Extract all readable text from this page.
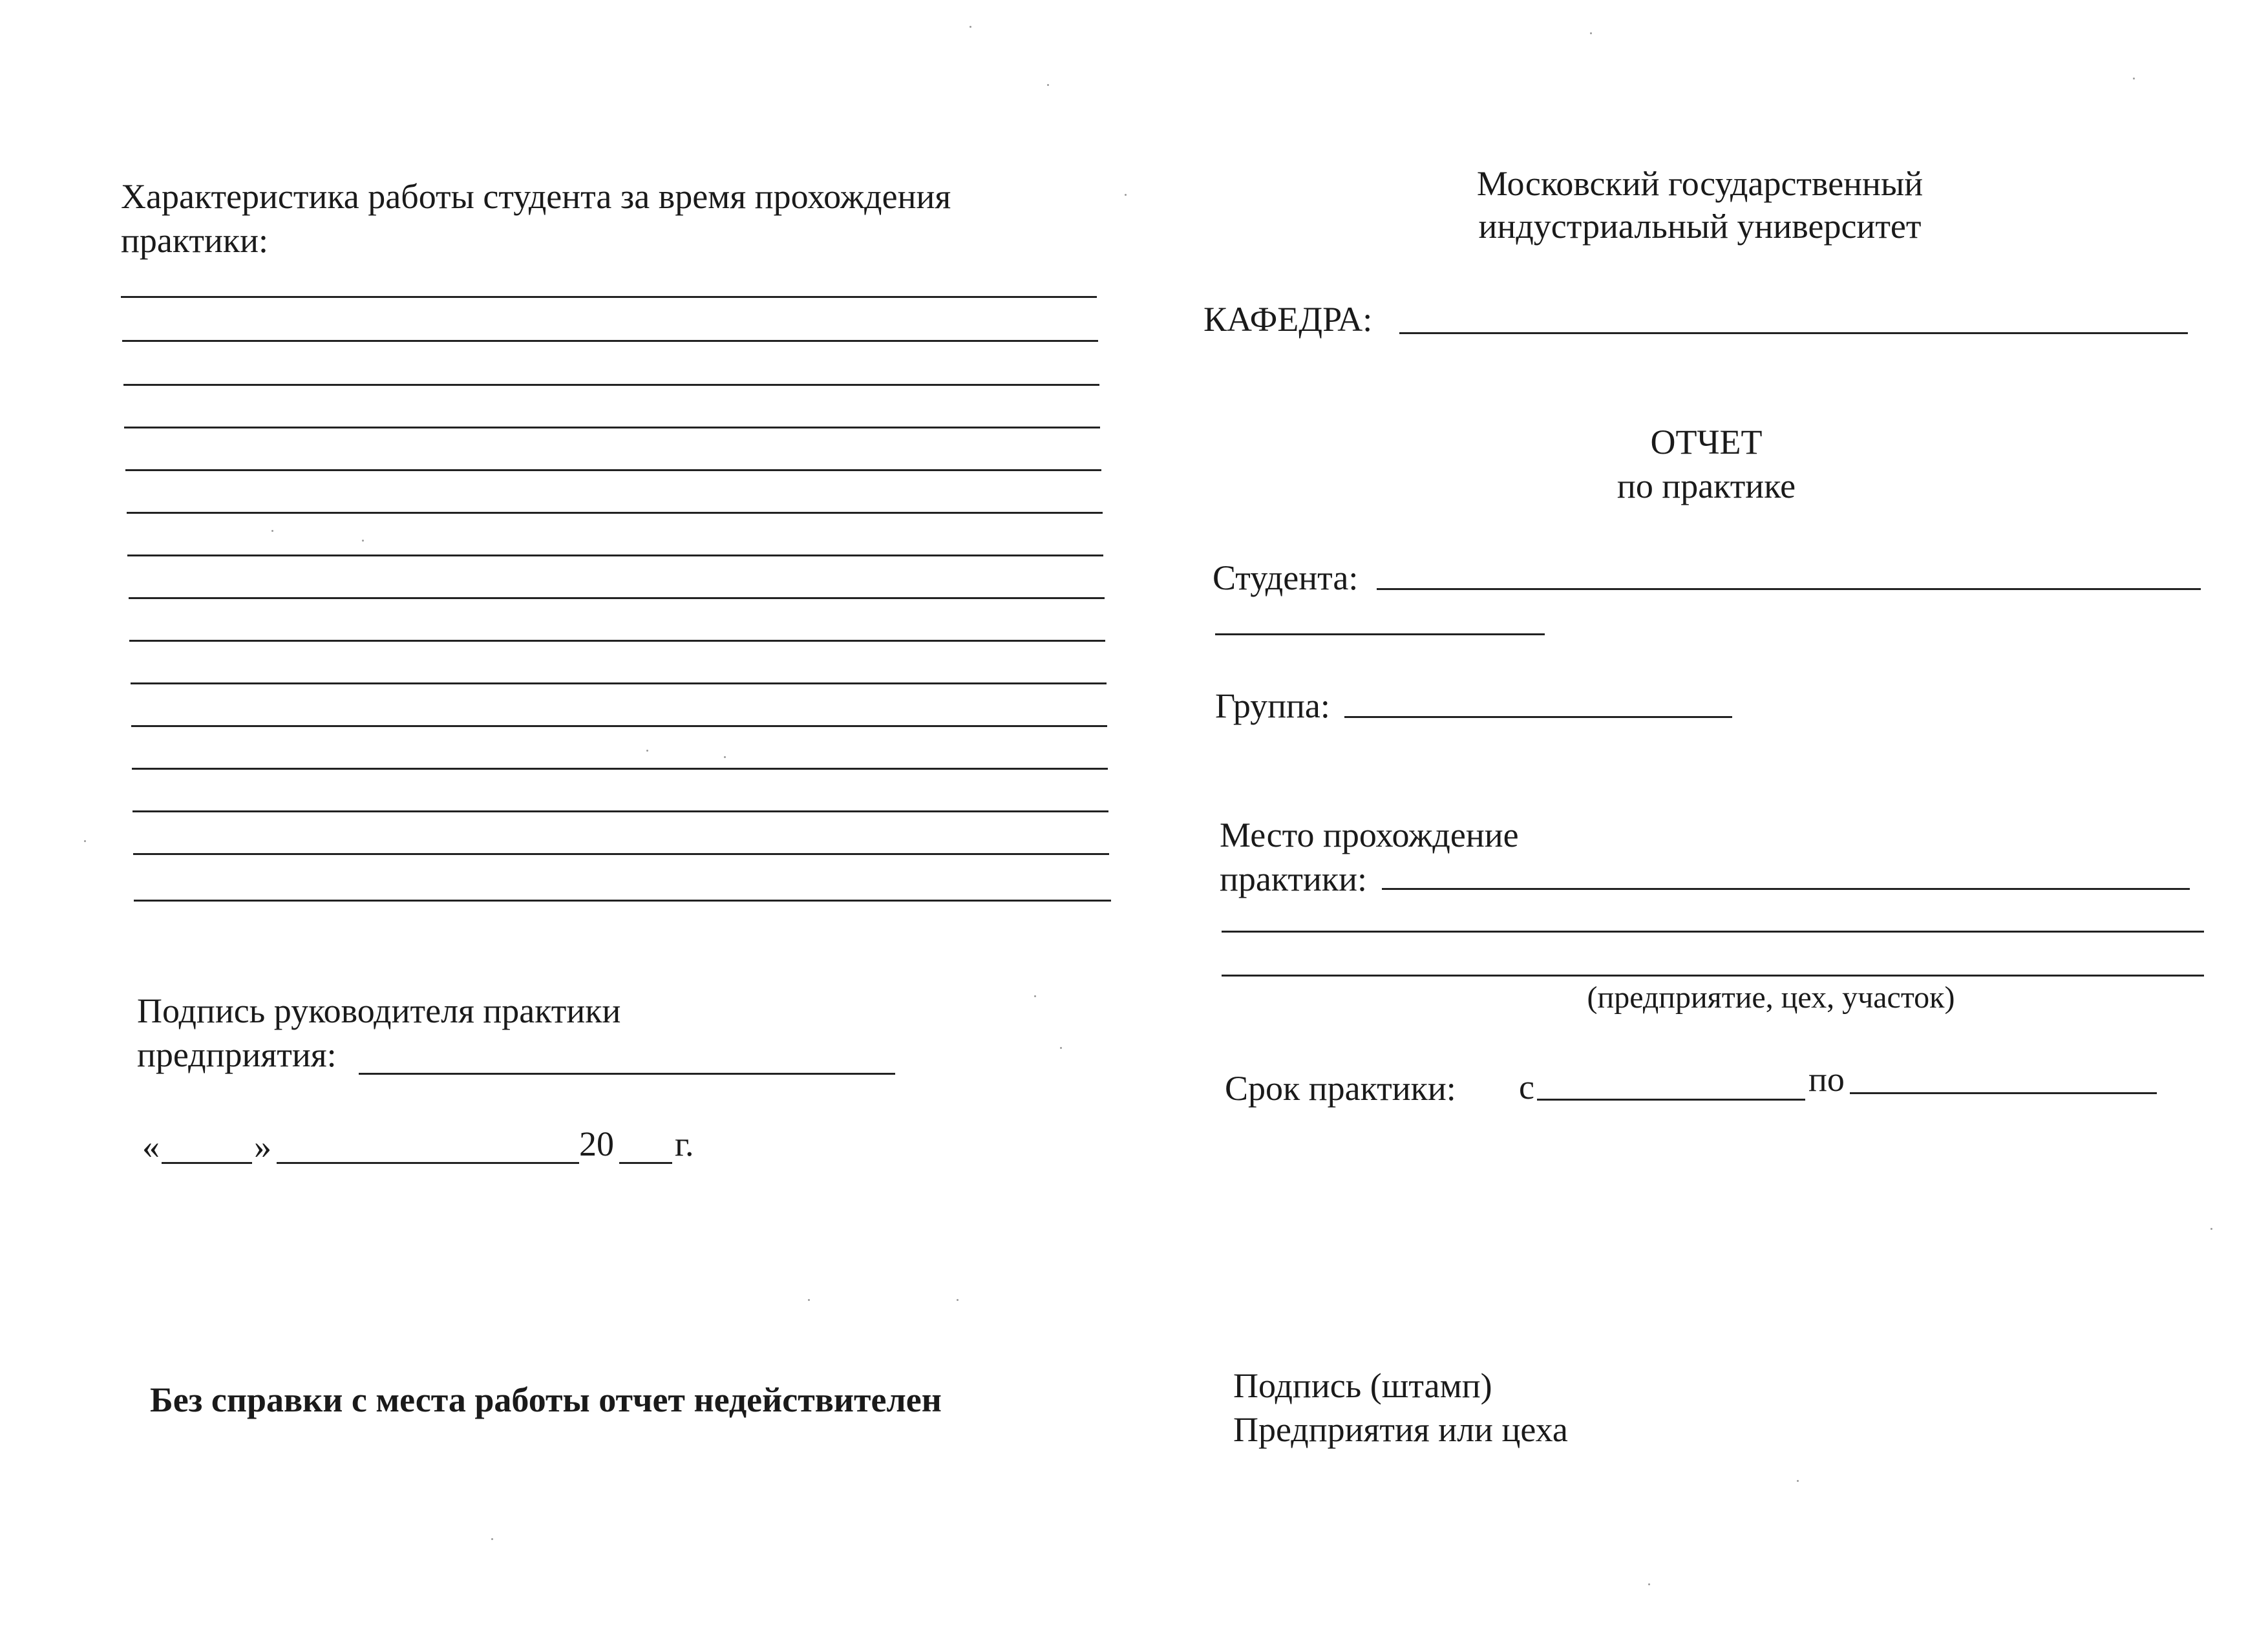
Характеристика работы студента за время прохождения
практики:
Подпись руководителя практики
предприятия:
«	»	20 г.
Без справки с места работы отчет недействителен
Московский государственный
индустриальный университет
КАФЕДРА:
ОТЧЕТ
по практике
Студента:
Группа:
Место прохождение
практики:
(предприятие, цех, участок)
Срок практики: с	по
Подпись (штамп)
Предприятия или цеха
